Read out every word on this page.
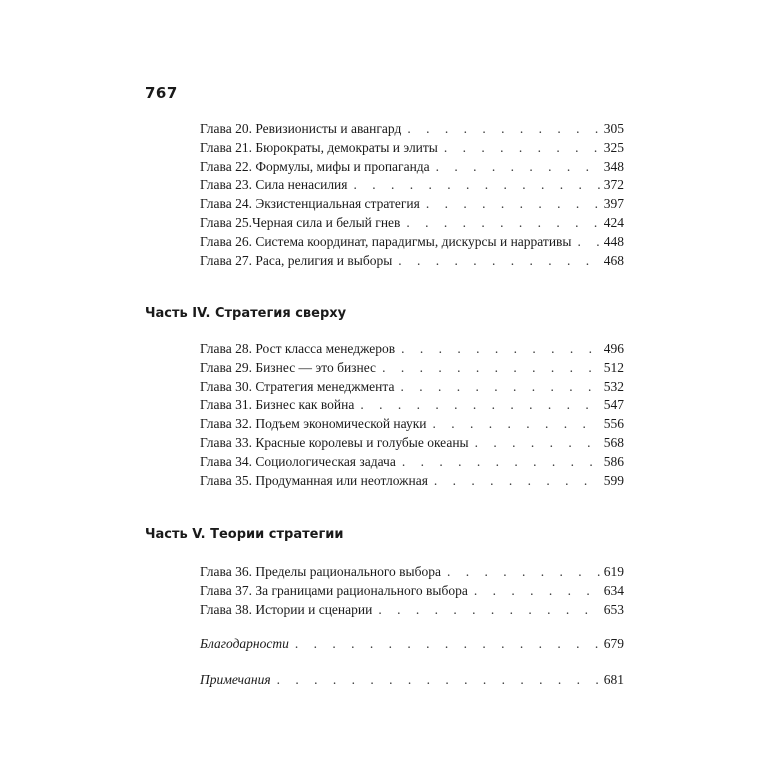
767
Глава 20. Ревизионисты и авангард . . .	305
Глава 21. Бюрократы, демократы и элиты . . .	325
Глава 22. Формулы, мифы и пропаганда . . .	348
Глава 23. Сила ненасилия . . .	372
Глава 24. Экзистенциальная стратегия . . .	397
Глава 25.Черная сила и белый гнев . . .	424
Глава 26. Система координат, парадигмы, дискурсы и нарративы . . .	448
Глава 27. Раса, религия и выборы . . .	468
Часть IV. Стратегия сверху
Глава 28. Рост класса менеджеров . . .	496
Глава 29. Бизнес — это бизнес . . .	512
Глава 30. Стратегия менеджмента . . .	532
Глава 31. Бизнес как война . . .	547
Глава 32. Подъем экономической науки . . .	556
Глава 33. Красные королевы и голубые океаны . . .	568
Глава 34. Социологическая задача . . .	586
Глава 35. Продуманная или неотложная . . .	599
Часть V. Теории стратегии
Глава 36. Пределы рационального выбора . . .	619
Глава 37. За границами рационального выбора . . .	634
Глава 38. Истории и сценарии . . .	653
Благодарности . . .	679
Примечания . . .	681
